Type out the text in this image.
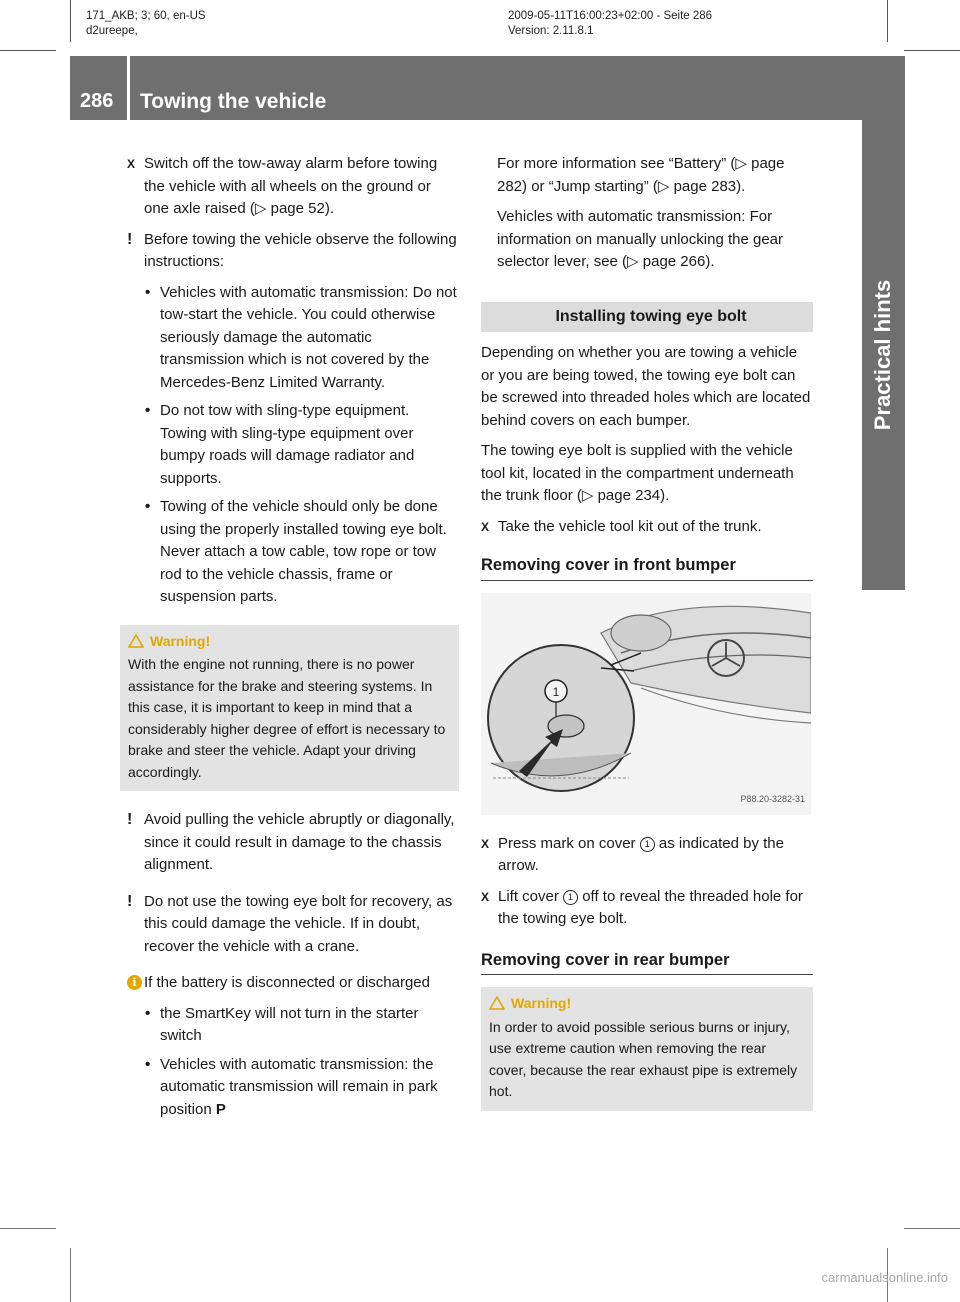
171_AKB; 3; 60, en-US
d2ureepe,
2009-05-11T16:00:23+02:00 - Seite 286
Version: 2.11.8.1
286 Towing the vehicle
Practical hints

X Switch off the tow-away alarm before towing the vehicle with all wheels on the ground or one axle raised (▷ page 52).

! Before towing the vehicle observe the following instructions:

• Vehicles with automatic transmission: Do not tow-start the vehicle. You could otherwise seriously damage the automatic transmission which is not covered by the Mercedes-Benz Limited Warranty.

• Do not tow with sling-type equipment. Towing with sling-type equipment over bumpy roads will damage radiator and supports.

• Towing of the vehicle should only be done using the properly installed towing eye bolt. Never attach a tow cable, tow rope or tow rod to the vehicle chassis, frame or suspension parts.

Warning!
With the engine not running, there is no power assistance for the brake and steering systems. In this case, it is important to keep in mind that a considerably higher degree of effort is necessary to brake and steer the vehicle. Adapt your driving accordingly.

! Avoid pulling the vehicle abruptly or diagonally, since it could result in damage to the chassis alignment.

! Do not use the towing eye bolt for recovery, as this could damage the vehicle. If in doubt, recover the vehicle with a crane.

i If the battery is disconnected or discharged

• the SmartKey will not turn in the starter switch

• Vehicles with automatic transmission: the automatic transmission will remain in park position P

For more information see “Battery” (▷ page 282) or “Jump starting” (▷ page 283).

Vehicles with automatic transmission: For information on manually unlocking the gear selector lever, see (▷ page 266).

Installing towing eye bolt

Depending on whether you are towing a vehicle or you are being towed, the towing eye bolt can be screwed into threaded holes which are located behind covers on each bumper.

The towing eye bolt is supplied with the vehicle tool kit, located in the compartment underneath the trunk floor (▷ page 234).

X Take the vehicle tool kit out of the trunk.

Removing cover in front bumper

1
P88.20-3282-31

X Press mark on cover 1 as indicated by the arrow.

X Lift cover 1 off to reveal the threaded hole for the towing eye bolt.

Removing cover in rear bumper

Warning!
In order to avoid possible serious burns or injury, use extreme caution when removing the rear cover, because the rear exhaust pipe is extremely hot.
carmanualsonline.info
